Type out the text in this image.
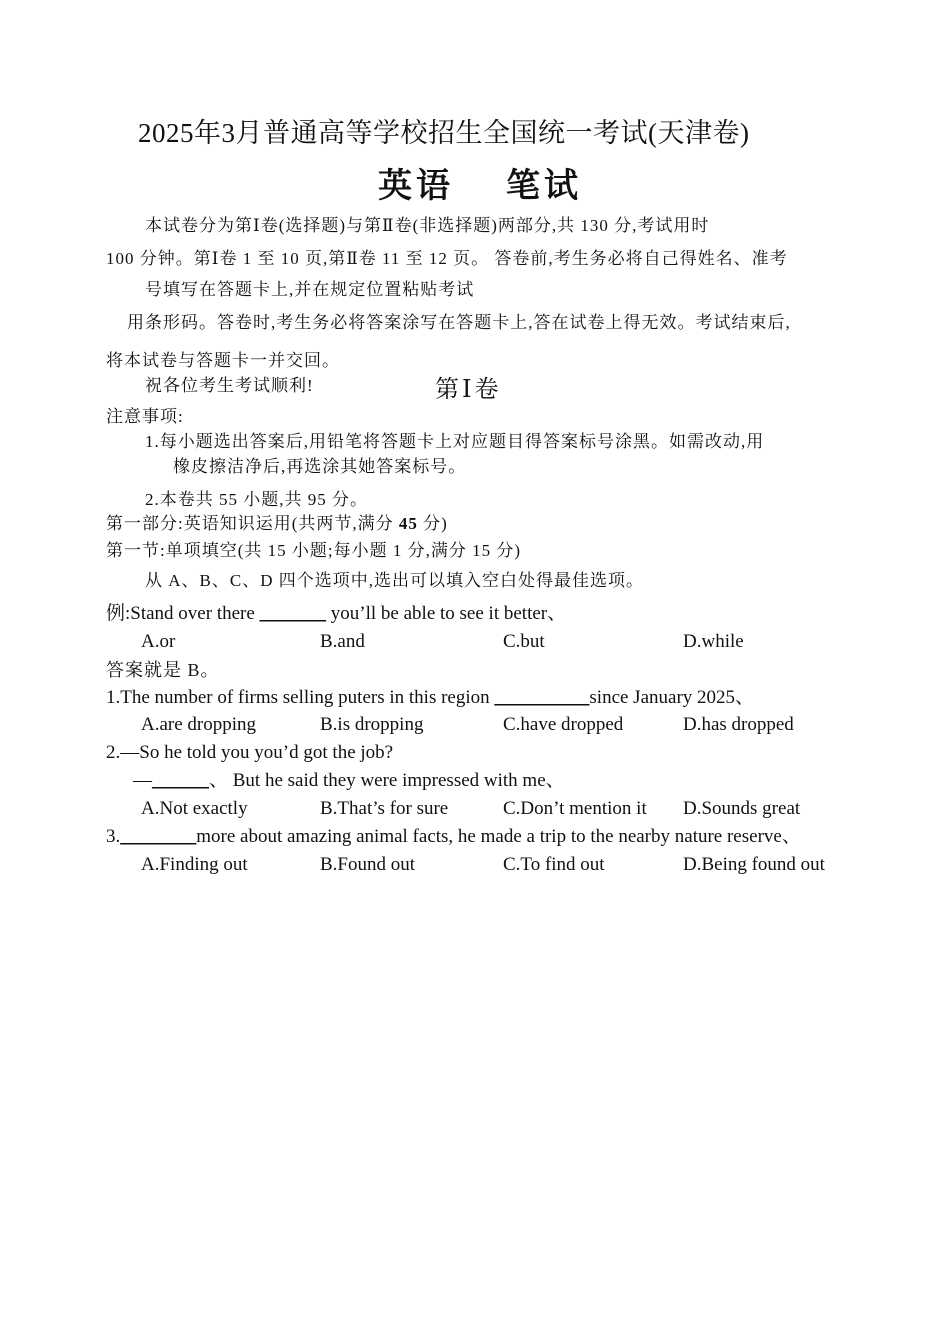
2025年3月普通高等学校招生全国统一考试(天津卷)
英语 笔试
本试卷分为第Ⅰ卷(选择题)与第Ⅱ卷(非选择题)两部分,共 130 分,考试用时
100 分钟。第Ⅰ卷 1 至 10 页,第Ⅱ卷 11 至 12 页。 答卷前,考生务必将自己得姓名、准考
号填写在答题卡上,并在规定位置粘贴考试
用条形码。答卷时,考生务必将答案涂写在答题卡上,答在试卷上得无效。考试结束后,
将本试卷与答题卡一并交回。
祝各位考生考试顺利!	第Ⅰ卷
注意事项:
1.每小题选出答案后,用铅笔将答题卡上对应题目得答案标号涂黑。如需改动,用
橡皮擦洁净后,再选涂其她答案标号。
2.本卷共 55 小题,共 95 分。
第一部分:英语知识运用(共两节,满分 45 分)
第一节:单项填空(共 15 小题;每小题 1 分,满分 15 分)
从 A、B、C、D 四个选项中,选出可以填入空白处得最佳选项。
例:Stand over there _______ you’ll be able to see it better、
A.or	B.and	C.but	D.while
答案就是 B。
1.The number of firms selling puters in this region __________since January 2025、
A.are dropping	B.is dropping	C.have dropped	D.has dropped
2.—So he told you you’d got the job?
—______、 But he said they were impressed with me、
A.Not exactly	B.That’s for sure	C.Don’t mention it D.Sounds great
3.________more about amazing animal facts, he made a trip to the nearby nature reserve、
A.Finding out	B.Found out	C.To find out	D.Being found out
